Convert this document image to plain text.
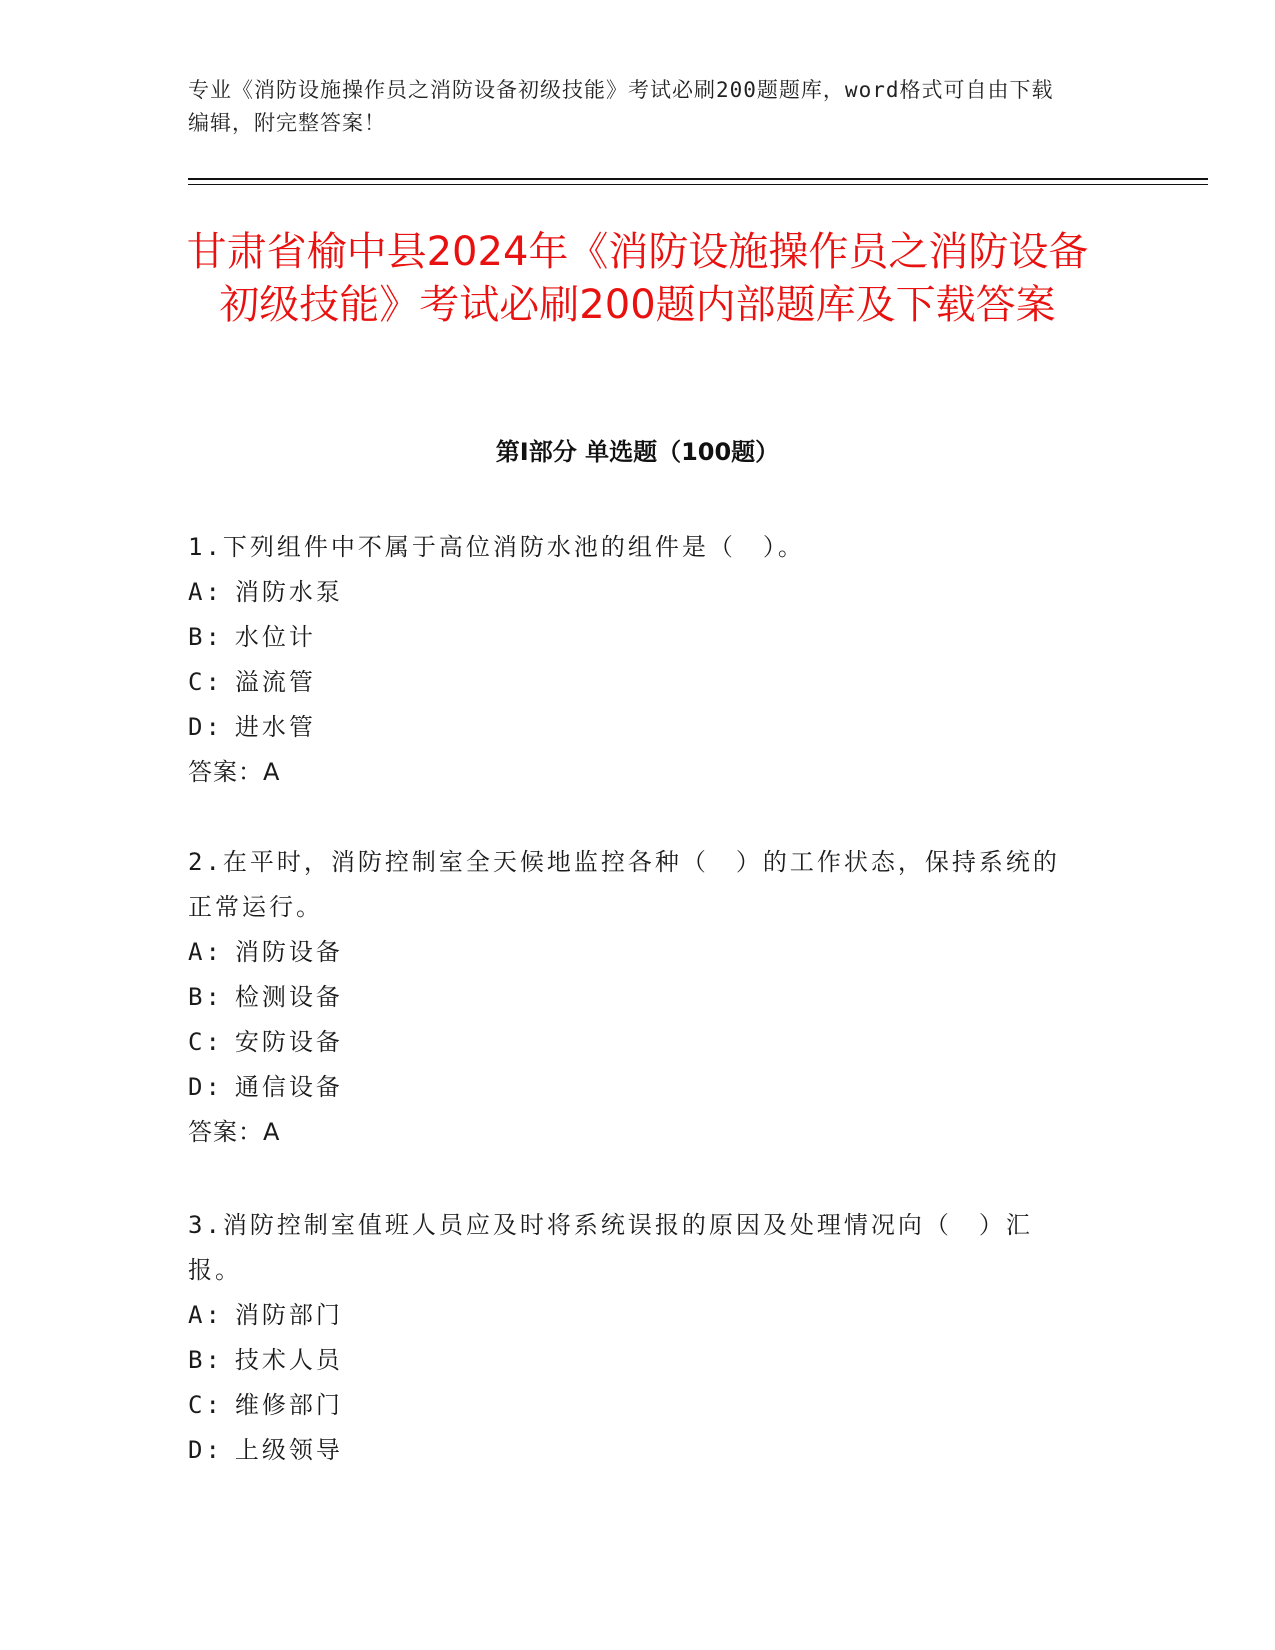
专业《消防设施操作员之消防设备初级技能》考试必刷200题题库，word格式可自由下载编辑，附完整答案！
甘肃省榆中县2024年《消防设施操作员之消防设备初级技能》考试必刷200题内部题库及下载答案
第Ⅰ部分 单选题（100题）
1.下列组件中不属于高位消防水池的组件是（　）。
A: 消防水泵
B: 水位计
C: 溢流管
D: 进水管
答案：A
2.在平时，消防控制室全天候地监控各种（　）的工作状态，保持系统的正常运行。
A: 消防设备
B: 检测设备
C: 安防设备
D: 通信设备
答案：A
3.消防控制室值班人员应及时将系统误报的原因及处理情况向（　）汇报。
A: 消防部门
B: 技术人员
C: 维修部门
D: 上级领导
